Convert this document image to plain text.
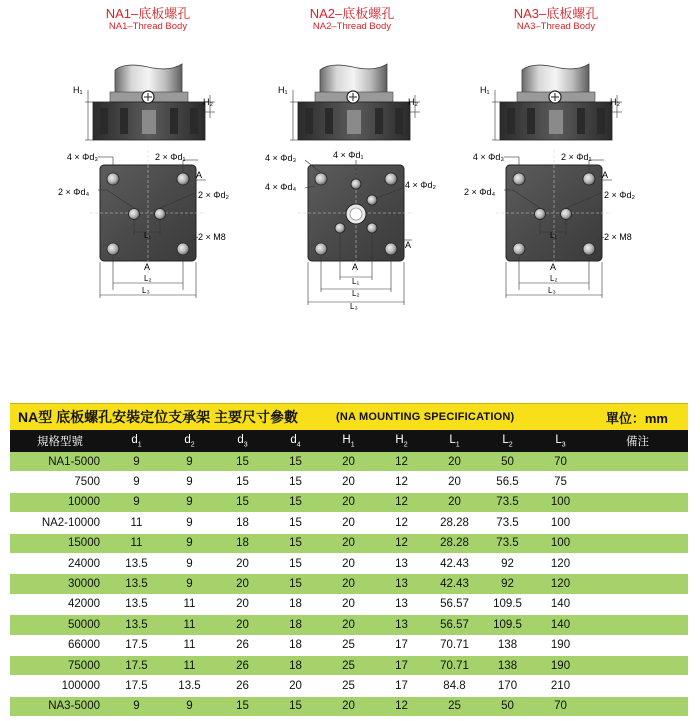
NA1–底板螺孔
NA1–Thread Body
NA2–底板螺孔
NA2–Thread Body
NA3–底板螺孔
NA3–Thread Body
H₁
H₂
4 × Φd₃	2 × Φd₁
2 × Φd₄	2 × Φd₂
2 × M8
A
A
L₁
L₂
L₃
H₁
H₂
4 × Φd₃	4 × Φd₁
4 × Φd₄	4 × Φd₂
A
A
L₁
L₂
L₃
H₁
H₂
4 × Φd₃	2 × Φd₁
2 × Φd₄	2 × Φd₂
2 × M8
A
A
L₁
L₂
L₃
NA型 底板螺孔安裝定位支承架 主要尺寸參數	(NA MOUNTING SPECIFICATION)	單位：mm
規格型號	$d_1$	$d_2$	$d_3$	$d_4$	$H_1$	$H_2$	$L_1$	$L_2$	$L_3$	備注
NA1-5000	9	9	15	15	20	12	20	50	70	
7500	9	9	15	15	20	12	20	56.5	75	
10000	9	9	15	15	20	12	20	73.5	100	
NA2-10000	11	9	18	15	20	12	28.28	73.5	100	
15000	11	9	18	15	20	12	28.28	73.5	100	
24000	13.5	9	20	15	20	13	42.43	92	120	
30000	13.5	9	20	15	20	13	42.43	92	120	
42000	13.5	11	20	18	20	13	56.57	109.5	140	
50000	13.5	11	20	18	20	13	56.57	109.5	140	
66000	17.5	11	26	18	25	17	70.71	138	190	
75000	17.5	11	26	18	25	17	70.71	138	190	
100000	17.5	13.5	26	20	25	17	84.8	170	210	
NA3-5000	9	9	15	15	20	12	25	50	70	
